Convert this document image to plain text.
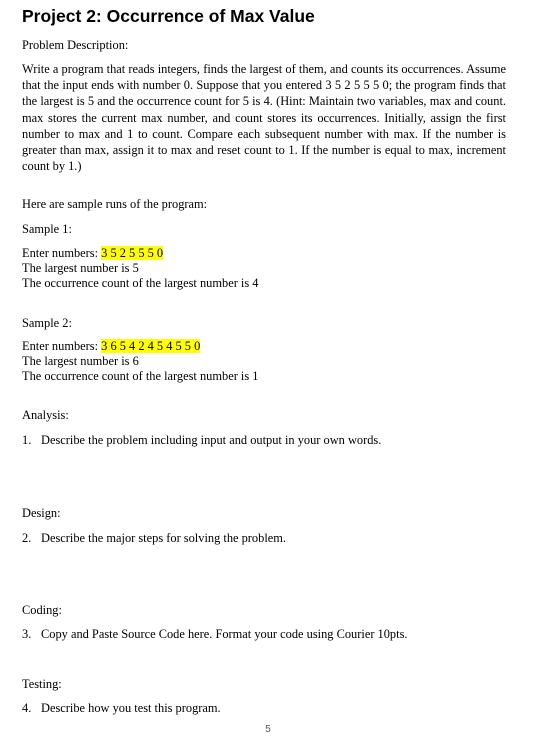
Project 2: Occurrence of Max Value
Problem Description:
Write a program that reads integers, finds the largest of them, and counts its occurrences. Assume that the input ends with number 0. Suppose that you entered 3 5 2 5 5 5 0; the program finds that the largest is 5 and the occurrence count for 5 is 4. (Hint: Maintain two variables, max and count. max stores the current max number, and count stores its occurrences. Initially, assign the first number to max and 1 to count. Compare each subsequent number with max. If the number is greater than max, assign it to max and reset count to 1. If the number is equal to max, increment count by 1.)
Here are sample runs of the program:
Sample 1:
Enter numbers: 3 5 2 5 5 5 0
The largest number is 5
The occurrence count of the largest number is 4
Sample 2:
Enter numbers: 3 6 5 4 2 4 5 4 5 5 0
The largest number is 6
The occurrence count of the largest number is 1
Analysis:
1. Describe the problem including input and output in your own words.
Design:
2. Describe the major steps for solving the problem.
Coding:
3. Copy and Paste Source Code here. Format your code using Courier 10pts.
Testing:
4. Describe how you test this program.
5
